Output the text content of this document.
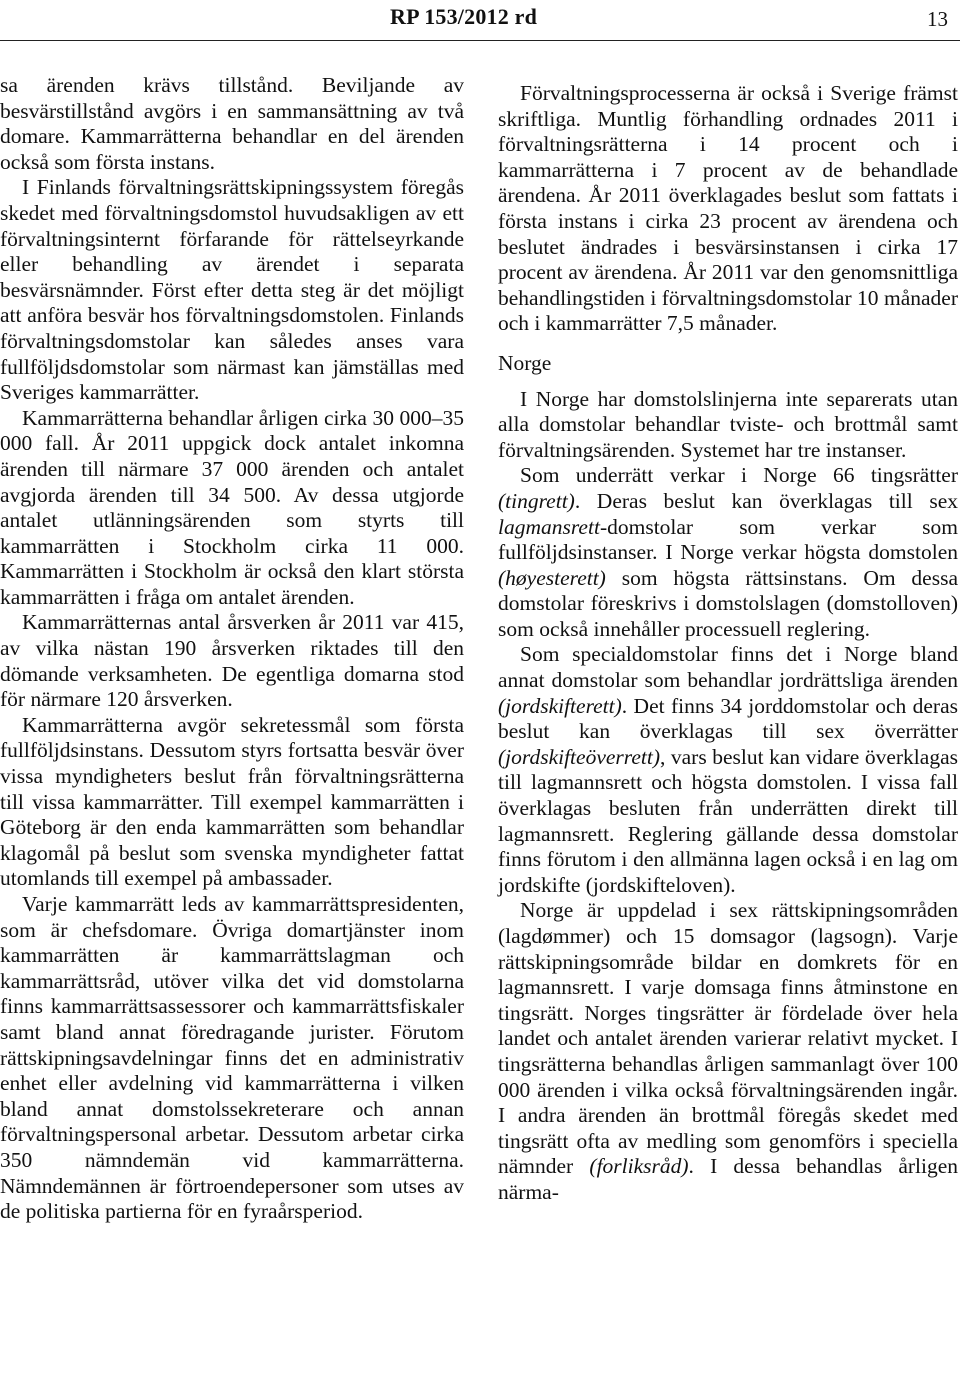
RP 153/2012 rd	13

sa ärenden krävs tillstånd. Beviljande av besvärstillstånd avgörs i en sammansättning av två domare. Kammarrätterna behandlar en del ärenden också som första instans.

I Finlands förvaltningsrättskipningssystem föregås skedet med förvaltningsdomstol huvudsakligen av ett förvaltningsinternt förfarande för rättelseyrkande eller behandling av ärendet i separata besvärsnämnder. Först efter detta steg är det möjligt att anföra besvär hos förvaltningsdomstolen. Finlands förvaltningsdomstolar kan således anses vara fullföljdsdomstolar som närmast kan jämställas med Sveriges kammarrätter.

Kammarrätterna behandlar årligen cirka 30 000–35 000 fall. År 2011 uppgick dock antalet inkomna ärenden till närmare 37 000 ärenden och antalet avgjorda ärenden till 34 500. Av dessa utgjorde antalet utlänningsärenden som styrts till kammarrätten i Stockholm cirka 11 000. Kammarrätten i Stockholm är också den klart största kammarrätten i fråga om antalet ärenden.

Kammarrätternas antal årsverken år 2011 var 415, av vilka nästan 190 årsverken riktades till den dömande verksamheten. De egentliga domarna stod för närmare 120 årsverken.

Kammarrätterna avgör sekretessmål som första fullföljdsinstans. Dessutom styrs fortsatta besvär över vissa myndigheters beslut från förvaltningsrätterna till vissa kammarrätter. Till exempel kammarrätten i Göteborg är den enda kammarrätten som behandlar klagomål på beslut som svenska myndigheter fattat utomlands till exempel på ambassader.

Varje kammarrätt leds av kammarrättspresidenten, som är chefsdomare. Övriga domartjänster inom kammarrätten är kammarrättslagman och kammarrättsråd, utöver vilka det vid domstolarna finns kammarrättsassessorer och kammarrättsfiskaler samt bland annat föredragande jurister. Förutom rättskipningsavdelningar finns det en administrativ enhet eller avdelning vid kammarrätterna i vilken bland annat domstolssekreterare och annan förvaltningspersonal arbetar. Dessutom arbetar cirka 350 nämndemän vid kammarrätterna. Nämndemännen är förtroendepersoner som utses av de politiska partierna för en fyraårsperiod.

Förvaltningsprocesserna är också i Sverige främst skriftliga. Muntlig förhandling ordnades 2011 i förvaltningsrätterna i 14 procent och i kammarrätterna i 7 procent av de behandlade ärendena. År 2011 överklagades beslut som fattats i första instans i cirka 23 procent av ärendena och beslutet ändrades i besvärsinstansen i cirka 17 procent av ärendena. År 2011 var den genomsnittliga behandlingstiden i förvaltningsdomstolar 10 månader och i kammarrätter 7,5 månader.

Norge

I Norge har domstolslinjerna inte separerats utan alla domstolar behandlar tviste- och brottmål samt förvaltningsärenden. Systemet har tre instanser.

Som underrätt verkar i Norge 66 tingsrätter (tingrett). Deras beslut kan överklagas till sex lagmansrett-domstolar som verkar som fullföljdsinstanser. I Norge verkar högsta domstolen (høyesterett) som högsta rättsinstans. Om dessa domstolar föreskrivs i domstolslagen (domstolloven) som också innehåller processuell reglering.

Som specialdomstolar finns det i Norge bland annat domstolar som behandlar jordrättsliga ärenden (jordskifterett). Det finns 34 jorddomstolar och deras beslut kan överklagas till sex överrätter (jordskifteöverrett), vars beslut kan vidare överklagas till lagmannsrett och högsta domstolen. I vissa fall överklagas besluten från underrätten direkt till lagmannsrett. Reglering gällande dessa domstolar finns förutom i den allmänna lagen också i en lag om jordskifte (jordskifteloven).

Norge är uppdelad i sex rättskipningsområden (lagdømmer) och 15 domsagor (lagsogn). Varje rättskipningsområde bildar en domkrets för en lagmannsrett. I varje domsaga finns åtminstone en tingsrätt. Norges tingsrätter är fördelade över hela landet och antalet ärenden varierar relativt mycket. I tingsrätterna behandlas årligen sammanlagt över 100 000 ärenden i vilka också förvaltningsärenden ingår. I andra ärenden än brottmål föregås skedet med tingsrätt ofta av medling som genomförs i speciella nämnder (forliksråd). I dessa behandlas årligen närma-
